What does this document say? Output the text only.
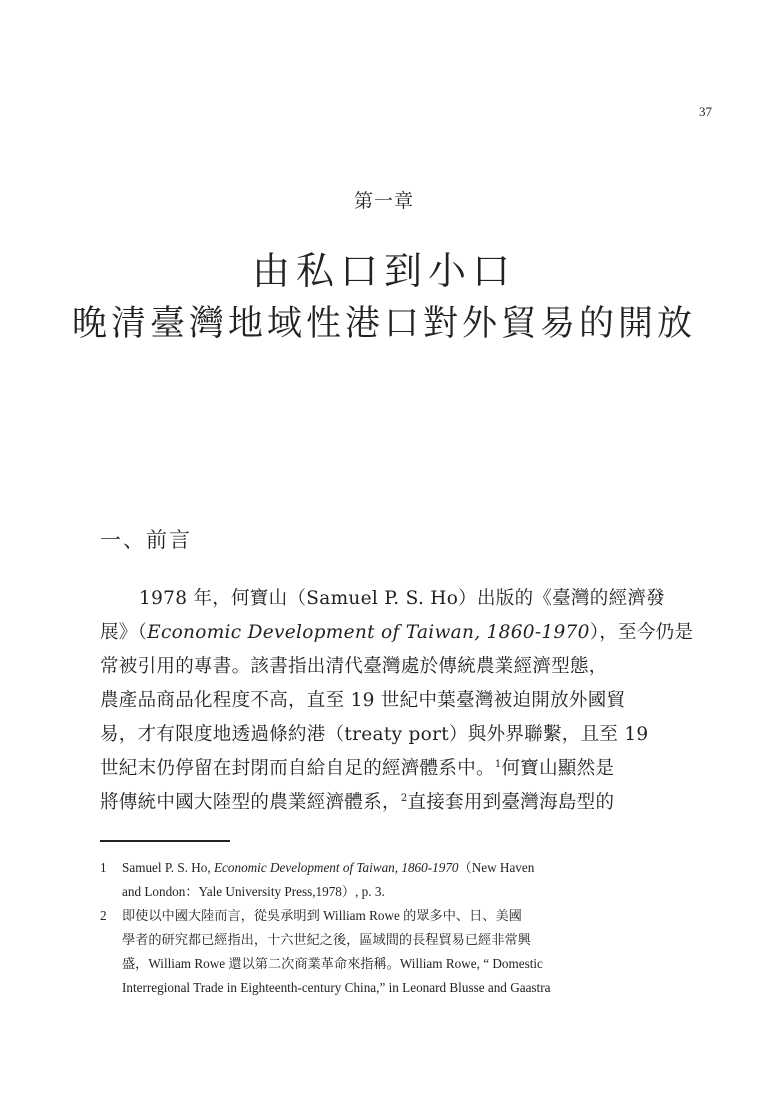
37
第一章
由私口到小口
晚清臺灣地域性港口對外貿易的開放
一、前言
1978 年，何寶山（Samuel P. S. Ho）出版的《臺灣的經濟發
展》（Economic Development of Taiwan, 1860-1970），至今仍是
常被引用的專書。該書指出清代臺灣處於傳統農業經濟型態，
農產品商品化程度不高，直至 19 世紀中葉臺灣被迫開放外國貿
易，才有限度地透過條約港（treaty port）與外界聯繫，且至 19
世紀末仍停留在封閉而自給自足的經濟體系中。$^1$何寶山顯然是
將傳統中國大陸型的農業經濟體系，$^2$直接套用到臺灣海島型的
1 Samuel P. S. Ho, Economic Development of Taiwan, 1860-1970（New Haven
and London：Yale University Press,1978）, p. 3.
2 即使以中國大陸而言，從吳承明到 William Rowe 的眾多中、日、美國
學者的研究都已經指出，十六世紀之後，區域間的長程貿易已經非常興
盛，William Rowe 還以第二次商業革命來指稱。William Rowe, “ Domestic
Interregional Trade in Eighteenth-century China,” in Leonard Blusse and Gaastra
